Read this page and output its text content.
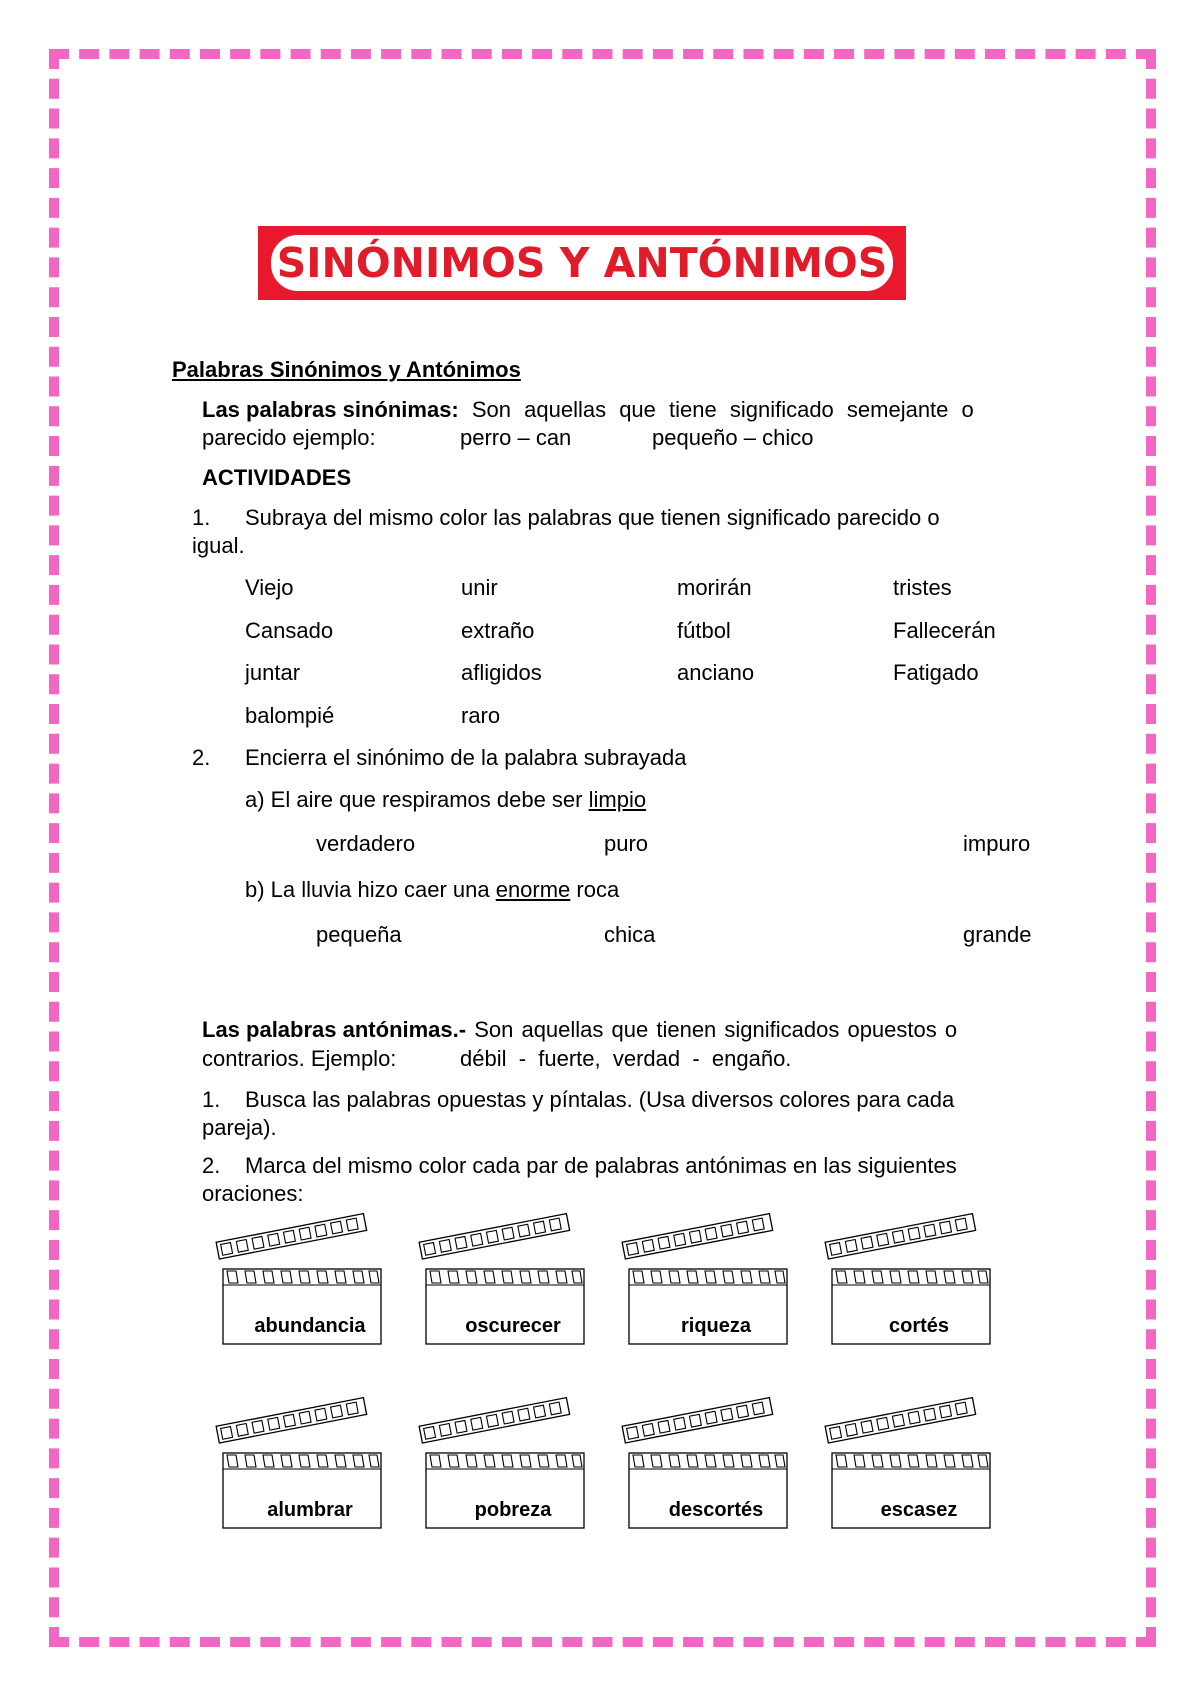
SINÓNIMOS Y ANTÓNIMOS
Palabras Sinónimos y Antónimos
Las palabras sinónimas: Son aquellas que tiene significado semejante o
parecido ejemplo:	perro – can	pequeño – chico
ACTIVIDADES
1. Subraya del mismo color las palabras que tienen significado parecido o
igual.
Viejo	unir	morirán	tristes
Cansado	extraño	fútbol	Fallecerán
juntar	afligidos	anciano	Fatigado
balompié	raro
2. Encierra el sinónimo de la palabra subrayada
a) El aire que respiramos debe ser limpio
verdadero	puro	impuro
b) La lluvia hizo caer una enorme roca
pequeña	chica	grande
Las palabras antónimas.- Son aquellas que tienen significados opuestos o
contrarios. Ejemplo:	débil  -  fuerte,  verdad  -  engaño.
1. Busca las palabras opuestas y píntalas. (Usa diversos colores para cada
pareja).
2. Marca del mismo color cada par de palabras antónimas en las siguientes
oraciones:
abundancia	oscurecer	riqueza	cortés
alumbrar	pobreza	descortés	escasez
